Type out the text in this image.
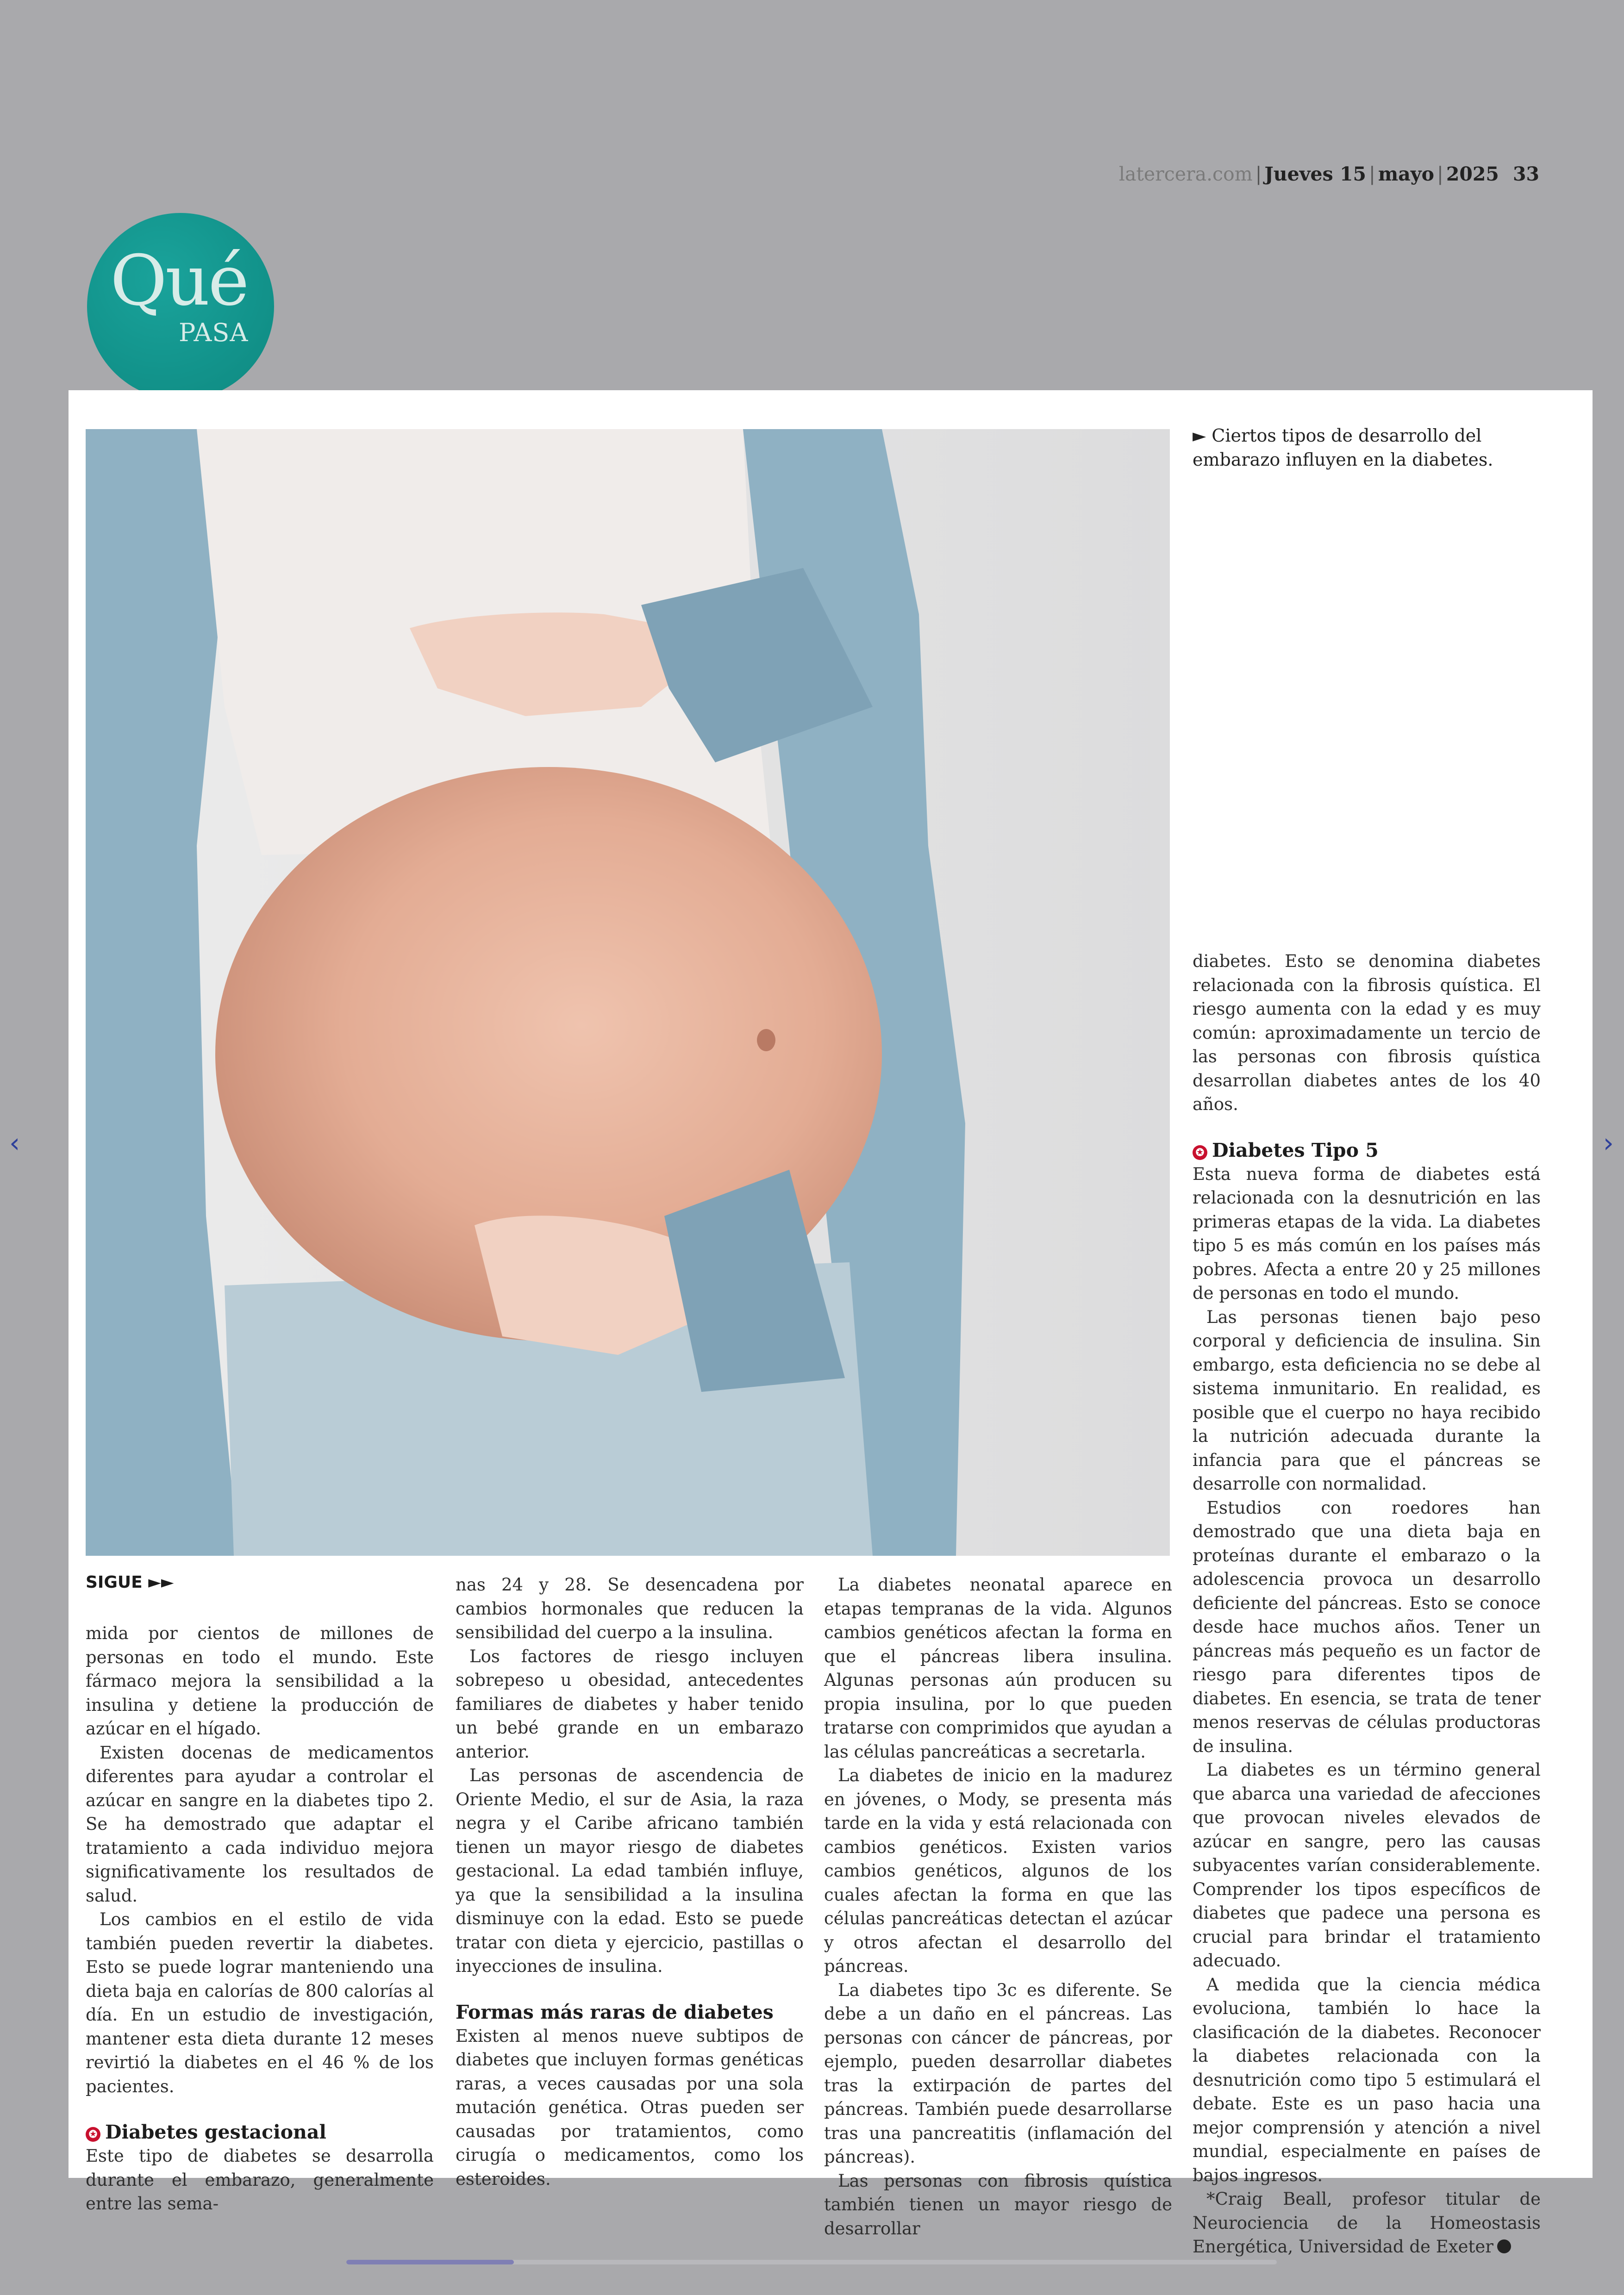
latercera.com | Jueves 15 | mayo | 2025 33
Qué
PASA
‹	›
► Ciertos tipos de desarrollo del embarazo influyen en la diabetes.
SIGUE ►►

mida por cientos de millones de personas en todo el mundo. Este fármaco mejora la sensibilidad a la insulina y detiene la producción de azúcar en el hígado.

Existen docenas de medicamentos diferentes para ayudar a controlar el azúcar en sangre en la diabetes tipo 2. Se ha demostrado que adaptar el tratamiento a cada individuo mejora significativamente los resultados de salud.

Los cambios en el estilo de vida también pueden revertir la diabetes. Esto se puede lograr manteniendo una dieta baja en calorías de 800 calorías al día. En un estudio de investigación, mantener esta dieta durante 12 meses revirtió la diabetes en el 46 % de los pacientes.

✪ Diabetes gestacional

Este tipo de diabetes se desarrolla durante el embarazo, generalmente entre las sema-

nas 24 y 28. Se desencadena por cambios hormonales que reducen la sensibilidad del cuerpo a la insulina.

Los factores de riesgo incluyen sobrepeso u obesidad, antecedentes familiares de diabetes y haber tenido un bebé grande en un embarazo anterior.

Las personas de ascendencia de Oriente Medio, el sur de Asia, la raza negra y el Caribe africano también tienen un mayor riesgo de diabetes gestacional. La edad también influye, ya que la sensibilidad a la insulina disminuye con la edad. Esto se puede tratar con dieta y ejercicio, pastillas o inyecciones de insulina.

Formas más raras de diabetes

Existen al menos nueve subtipos de diabetes que incluyen formas genéticas raras, a veces causadas por una sola mutación genética. Otras pueden ser causadas por tratamientos, como cirugía o medicamentos, como los esteroides.

La diabetes neonatal aparece en etapas tempranas de la vida. Algunos cambios genéticos afectan la forma en que el páncreas libera insulina. Algunas personas aún producen su propia insulina, por lo que pueden tratarse con comprimidos que ayudan a las células pancreáticas a secretarla.

La diabetes de inicio en la madurez en jóvenes, o Mody, se presenta más tarde en la vida y está relacionada con cambios genéticos. Existen varios cambios genéticos, algunos de los cuales afectan la forma en que las células pancreáticas detectan el azúcar y otros afectan el desarrollo del páncreas.

La diabetes tipo 3c es diferente. Se debe a un daño en el páncreas. Las personas con cáncer de páncreas, por ejemplo, pueden desarrollar diabetes tras la extirpación de partes del páncreas. También puede desarrollarse tras una pancreatitis (inflamación del páncreas).

Las personas con fibrosis quística también tienen un mayor riesgo de desarrollar

diabetes. Esto se denomina diabetes relacionada con la fibrosis quística. El riesgo aumenta con la edad y es muy común: aproximadamente un tercio de las personas con fibrosis quística desarrollan diabetes antes de los 40 años.

✪ Diabetes Tipo 5

Esta nueva forma de diabetes está relacionada con la desnutrición en las primeras etapas de la vida. La diabetes tipo 5 es más común en los países más pobres. Afecta a entre 20 y 25 millones de personas en todo el mundo.

Las personas tienen bajo peso corporal y deficiencia de insulina. Sin embargo, esta deficiencia no se debe al sistema inmunitario. En realidad, es posible que el cuerpo no haya recibido la nutrición adecuada durante la infancia para que el páncreas se desarrolle con normalidad.

Estudios con roedores han demostrado que una dieta baja en proteínas durante el embarazo o la adolescencia provoca un desarrollo deficiente del páncreas. Esto se conoce desde hace muchos años. Tener un páncreas más pequeño es un factor de riesgo para diferentes tipos de diabetes. En esencia, se trata de tener menos reservas de células productoras de insulina.

La diabetes es un término general que abarca una variedad de afecciones que provocan niveles elevados de azúcar en sangre, pero las causas subyacentes varían considerablemente. Comprender los tipos específicos de diabetes que padece una persona es crucial para brindar el tratamiento adecuado.

A medida que la ciencia médica evoluciona, también lo hace la clasificación de la diabetes. Reconocer la diabetes relacionada con la desnutrición como tipo 5 estimulará el debate. Este es un paso hacia una mejor comprensión y atención a nivel mundial, especialmente en países de bajos ingresos.

*Craig Beall, profesor titular de Neurociencia de la Homeostasis Energética, Universidad de Exeter
